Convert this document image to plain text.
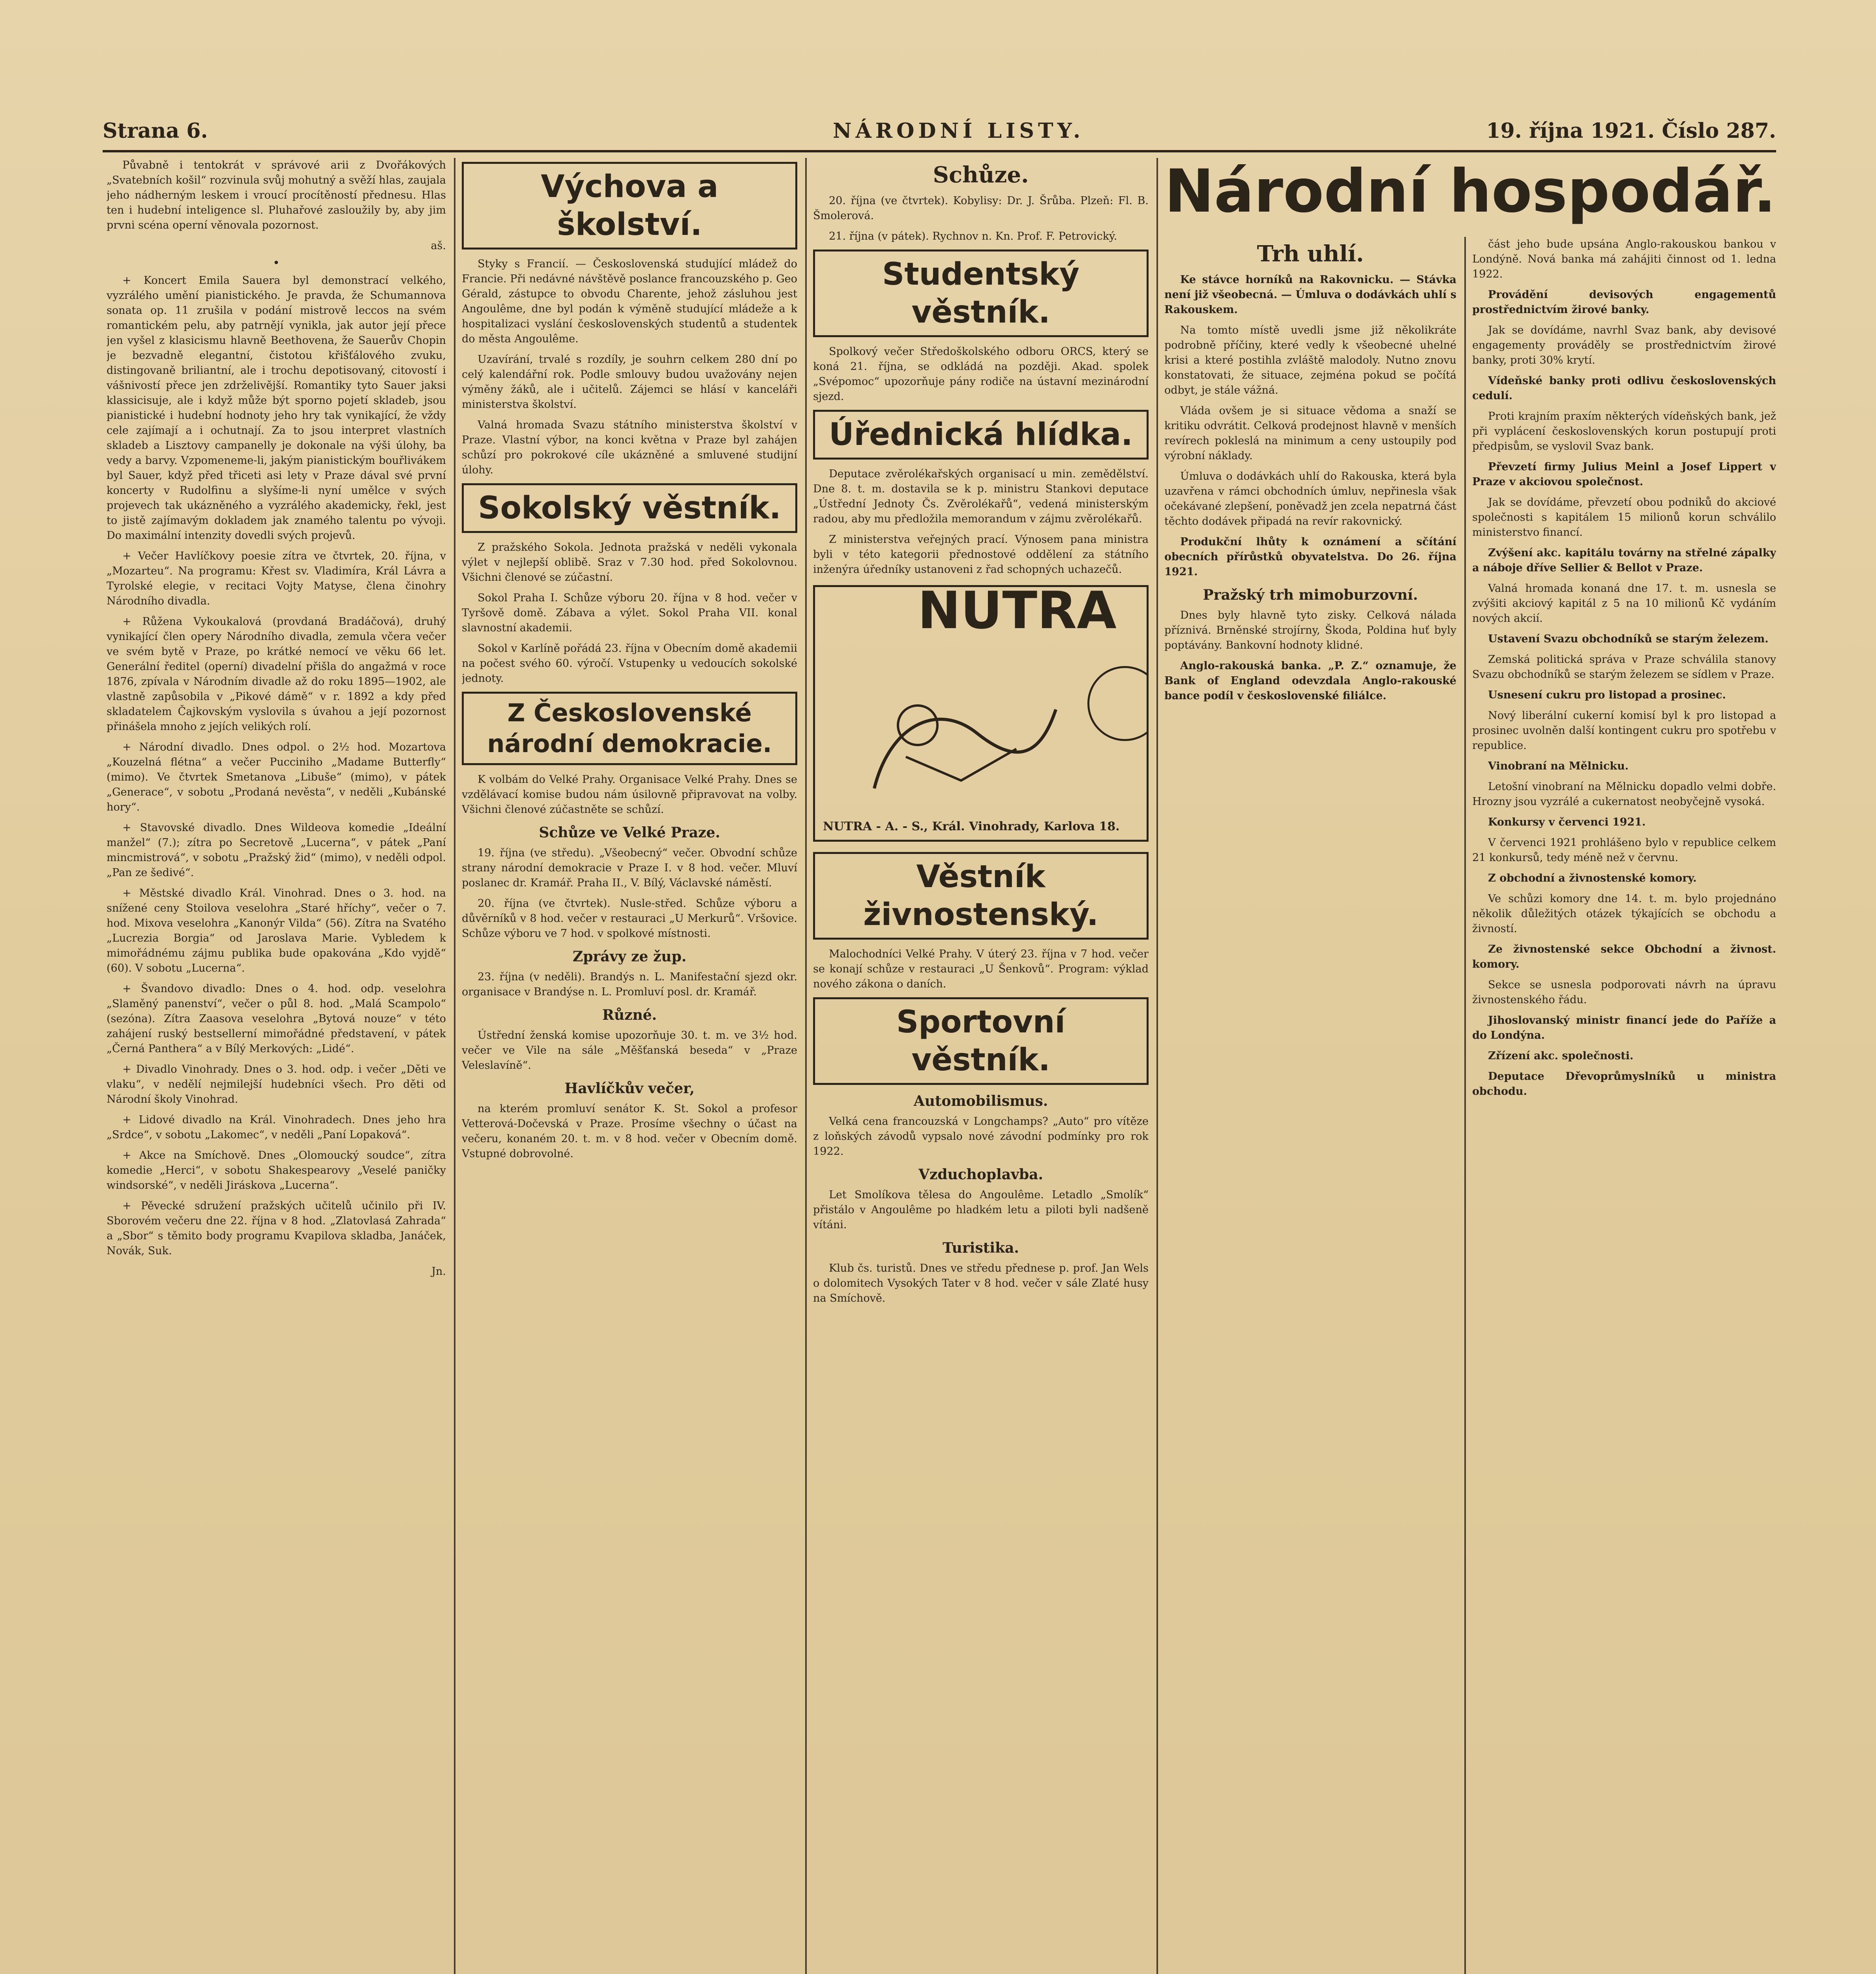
Strana 6.	NÁRODNÍ LISTY.	19. října 1921. Číslo 287.

Půvabně i tentokrát v správové arii z Dvořákových „Svatebních košil“ rozvinula svůj mohutný a svěží hlas, zaujala jeho nádherným leskem i vroucí procítěností přednesu. Hlas ten i hudební inteligence sl. Pluhařové zasloužily by, aby jim prvni scéna operní věnovala pozornost.

aš.
•

+ Koncert Emila Sauera byl demonstrací velkého, vyzrálého umění pianistického. Je pravda, že Schumannova sonata op. 11 zrušila v podání mistrově leccos na svém romantickém pelu, aby patrnějí vynikla, jak autor její přece jen vyšel z klasicismu hlavně Beethovena, že Sauerův Chopin je bezvadně elegantní, čistotou křišťálového zvuku, distingovaně briliantní, ale i trochu depotisovaný, citovostí i vášnivostí přece jen zdrželivější. Romantiky tyto Sauer jaksi klassicisuje, ale i když může být sporno pojetí skladeb, jsou pianistické i hudební hodnoty jeho hry tak vynikající, že vždy cele zajímají a i ochutnají. Za to jsou interpret vlastních skladeb a Lisztovy campanelly je dokonale na výši úlohy, ba vedy a barvy. Vzpomeneme-li, jakým pianistickým bouřlivákem byl Sauer, když před třiceti asi lety v Praze dával své první koncerty v Rudolfinu a slyšíme-li nyní umělce v svých projevech tak ukázněného a vyzrálého akademicky, řekl, jest to jistě zajímavým dokladem jak znamého talentu po vývoji. Do maximální intenzity dovedli svých projevů.

+ Večer Havlíčkovy poesie zítra ve čtvrtek, 20. října, v „Mozarteu“. Na programu: Křest sv. Vladimíra, Král Lávra a Tyrolské elegie, v recitaci Vojty Matyse, člena činohry Národního divadla.

+ Růžena Vykoukalová (provdaná Bradáčová), druhý vynikající člen opery Národního divadla, zemula včera večer ve svém bytě v Praze, po krátké nemocí ve věku 66 let. Generální ředitel (operní) divadelní přišla do angažmá v roce 1876, zpívala v Národním divadle až do roku 1895—1902, ale vlastně zapůsobila v „Pikové dámě“ v r. 1892 a kdy před skladatelem Čajkovským vyslovila s úvahou a její pozornost přinášela mnoho z jejích velikých rolí.

+ Národní divadlo. Dnes odpol. o 2½ hod. Mozartova „Kouzelná flétna“ a večer Puccinihо „Madame Butterfly“ (mimo). Ve čtvrtek Smetanova „Libuše“ (mimo), v pátek „Generace“, v sobotu „Prodaná nevěsta“, v neděli „Kubánské hory“.

+ Stavovské divadlo. Dnes Wildeova komedie „Ideální manžel“ (7.); zítra po Secretově „Lucerna“, v pátek „Paní mincmistrová“, v sobotu „Pražský žid“ (mimo), v neděli odpol. „Pan ze šedivé“.

+ Městské divadlo Král. Vinohrad. Dnes o 3. hod. na snížené ceny Stoilova veselohra „Staré hříchy“, večer o 7. hod. Mixova veselohra „Kanonýr Vilda“ (56). Zítra na Svatého „Lucrezia Borgia“ od Jaroslava Marie. Vybledem k mimořádnému zájmu publika bude opakována „Kdo vyjdě“ (60). V sobotu „Lucerna“.

+ Švandovo divadlo: Dnes o 4. hod. odp. veselohra „Slaměný panenství“, večer o půl 8. hod. „Malá Scampolo“ (sezóna). Zítra Zaasova veselohra „Bytová nouze“ v této zahájení ruský bestsellerní mimořádné představení, v pátek „Černá Panthera“ a v Bílý Merkových: „Lidé“.

+ Divadlo Vinohrady. Dnes o 3. hod. odp. i večer „Děti ve vlaku“, v nedělí nejmilejší hudebníci všech. Pro děti od Národní školy Vinohrad.

+ Lidové divadlo na Král. Vinohradech. Dnes jeho hra „Srdce“, v sobotu „Lakomec“, v neděli „Paní Lopaková“.

+ Akce na Smíchově. Dnes „Olomoucký soudce“, zítra komedie „Herci“, v sobotu Shakespearovy „Veselé paničky windsorské“, v neděli Jiráskova „Lucerna“.

+ Pěvecké sdružení pražských učitelů učinilo při IV. Sborovém večeru dne 22. října v 8 hod. „Zlatovlasá Zahrada“ a „Sbor“ s těmito body programu Kvapilova skladba, Janáček, Novák, Suk.

Jn.
Výchova a školství.

Styky s Francií. — Československá studující mládež do Francie. Při nedávné návštěvě poslance francouzského p. Geo Gérald, zástupce to obvodu Charente, jehož zásluhou jest Angoulême, dne byl podán k výměně studující mládeže a k hospitalizaci vyslání československých studentů a studentek do města Angoulême.

Uzavírání, trvalé s rozdíly, je souhrn celkem 280 dní po celý kalendářní rok. Podle smlouvy budou uvažovány nejen výměny žáků, ale i učitelů. Zájemci se hlásí v kanceláři ministerstva školství.

Valná hromada Svazu státního ministerstva školství v Praze. Vlastní výbor, na konci května v Praze byl zahájen schůzí pro pokrokové cíle ukázněné a smluvené studijní úlohy.

Sokolský věstník.

Z pražského Sokola. Jednota pražská v neděli vykonala výlet v nejlepší oblibě. Sraz v 7.30 hod. před Sokolovnou. Všichni členové se zúčastní.

Sokol Praha I. Schůze výboru 20. října v 8 hod. večer v Tyršově domě. Zábava a výlet. Sokol Praha VII. konal slavnostní akademii.

Sokol v Karlíně pořádá 23. října v Obecním domě akademii na počest svého 60. výročí. Vstupenky u vedoucích sokolské jednoty.

Z Československé národní demokracie.

K volbám do Velké Prahy. Organisace Velké Prahy. Dnes se vzdělávací komise budou nám úsilovně připravovat na volby. Všichni členové zúčastněte se schůzí.

Schůze ve Velké Praze.

19. října (ve středu). „Všeobecný“ večer. Obvodní schůze strany národní demokracie v Praze I. v 8 hod. večer. Mluví poslanec dr. Kramář. Praha II., V. Bílý, Václavské náměstí.

20. října (ve čtvrtek). Nusle-střed. Schůze výboru a důvěrníků v 8 hod. večer v restauraci „U Merkurů“. Vršovice. Schůze výboru ve 7 hod. v spolkové místnosti.

Zprávy ze žup.

23. října (v neděli). Brandýs n. L. Manifestační sjezd okr. organisace v Brandýse n. L. Promluví posl. dr. Kramář.

Různé.

Ústřední ženská komise upozorňuje 30. t. m. ve 3½ hod. večer ve Vile na sále „Měšťanská beseda“ v „Praze Veleslavíně“.

Havlíčkův večer,

na kterém promluví senátor K. St. Sokol a profesor Vetterová-Dočevská v Praze. Prosíme všechny o účast na večeru, konaném 20. t. m. v 8 hod. večer v Obecním domě. Vstupné dobrovolné.

Schůze.

20. října (ve čtvrtek). Kobylisy: Dr. J. Šrůba. Plzeň: Fl. B. Šmolerová.

21. října (v pátek). Rychnov n. Kn. Prof. F. Petrovický.

Studentský věstník.

Spolkový večer Středoškolského odboru ORCS, který se koná 21. října, se odkládá na později. Akad. spolek „Svépomoc“ upozorňuje pány rodiče na ústavní mezinárodní sjezd.

Úřednická hlídka.

Deputace zvěrolékařských organisací u min. zemědělství. Dne 8. t. m. dostavila se k p. ministru Stankovi deputace „Ústřední Jednoty Čs. Zvěrolékařů“, vedená ministerským radou, aby mu předložila memorandum v zájmu zvěrolékařů.

Z ministerstva veřejných prací. Výnosem pana ministra byli v této kategorii přednostové oddělení za státního inženýra úředníky ustanoveni z řad schopných uchazečů.

NUTRA
NUTRA - A. - S., Král. Vinohrady, Karlova 18.
Věstník živnostenský.

Malochodníci Velké Prahy. V úterý 23. října v 7 hod. večer se konají schůze v restauraci „U Šenkovů“. Program: výklad nového zákona o daních.

Sportovní věstník.
Automobilismus.

Velká cena francouzská v Longchamps? „Auto“ pro vítěze z loňských závodů vypsalo nové závodní podmínky pro rok 1922.

Vzduchoplavba.

Let Smolíkova tělesa do Angoulême. Letadlo „Smolík“ přistálo v Angoulême po hladkém letu a piloti byli nadšeně vítáni.

Turistika.

Klub čs. turistů. Dnes ve středu přednese p. prof. Jan Wels o dolomitech Vysokých Tater v 8 hod. večer v sále Zlaté husy na Smíchově.

Národní hospodář.
Trh uhlí.

Ke stávce horníků na Rakovnicku. — Stávka není již všeobecná. — Úmluva o dodávkách uhlí s Rakouskem.

Na tomto místě uvedli jsme již několikráte podrobně příčiny, které vedly k všeobecné uhelné krisi a které postihla zvláště malodoly. Nutno znovu konstatovati, že situace, zejména pokud se počítá odbyt, je stále vážná.

Vláda ovšem je si situace vědoma a snaží se kritiku odvrátit. Celková prodejnost hlavně v menších revírech pokleslá na minimum a ceny ustoupily pod výrobní náklady.

Úmluva o dodávkách uhlí do Rakouska, která byla uzavřena v rámci obchodních úmluv, nepřinesla však očekávané zlepšení, poněvadž jen zcela nepatrná část těchto dodávek připadá na revír rakovnický.

Produkční lhůty k oznámení a sčítání obecních přírůstků obyvatelstva. Do 26. října 1921.

Pražský trh mimoburzovní.

Dnes byly hlavně tyto zisky. Celková nálada příznivá. Brněnské strojírny, Škoda, Poldina huť byly poptávány. Bankovní hodnoty klidné.

Anglo-rakouská banka. „P. Z.“ oznamuje, že Bank of England odevzdala Anglo-rakouské bance podíl v československé filiálce.

část jeho bude upsána Anglo-rakouskou bankou v Londýně. Nová banka má zahájiti činnost od 1. ledna 1922.

Provádění devisových engagementů prostřednictvím žirové banky.

Jak se dovídáme, navrhl Svaz bank, aby devisové engagementy prováděly se prostřednictvím žirové banky, proti 30% krytí.

Vídeňské banky proti odlivu československých cedulí.

Proti krajním praxím některých vídeňských bank, jež při vyplácení československých korun postupují proti předpisům, se vyslovil Svaz bank.

Převzetí firmy Julius Meinl a Josef Lippert v Praze v akciovou společnost.

Jak se dovídáme, převzetí obou podniků do akciové společnosti s kapitálem 15 milionů korun schválilo ministerstvo financí.

Zvýšení akc. kapitálu továrny na střelné zápalky a náboje dříve Sellier & Bellot v Praze.

Valná hromada konaná dne 17. t. m. usnesla se zvýšiti akciový kapitál z 5 na 10 milionů Kč vydáním nových akcií.

Ustavení Svazu obchodníků se starým železem.

Zemská politická správa v Praze schválila stanovy Svazu obchodníků se starým železem se sídlem v Praze.

Usnesení cukru pro listopad a prosinec.

Nový liberální cukerní komisí byl k pro listopad a prosinec uvolněn další kontingent cukru pro spotřebu v republice.

Vinobraní na Mělnicku.

Letošní vinobraní na Mělnicku dopadlo velmi dobře. Hrozny jsou vyzrálé a cukernatost neobyčejně vysoká.

Konkursy v červenci 1921.

V červenci 1921 prohlášeno bylo v republice celkem 21 konkursů, tedy méně než v červnu.

Z obchodní a živnostenské komory.

Ve schůzi komory dne 14. t. m. bylo projednáno několik důležitých otázek týkajících se obchodu a živností.

Ze živnostenské sekce Obchodní a živnost. komory.

Sekce se usnesla podporovati návrh na úpravu živnostenského řádu.

Jihoslovanský ministr financí jede do Paříže a do Londýna.

Zřízení akc. společnosti.

Deputace Dřevoprůmyslníků u ministra obchodu.
